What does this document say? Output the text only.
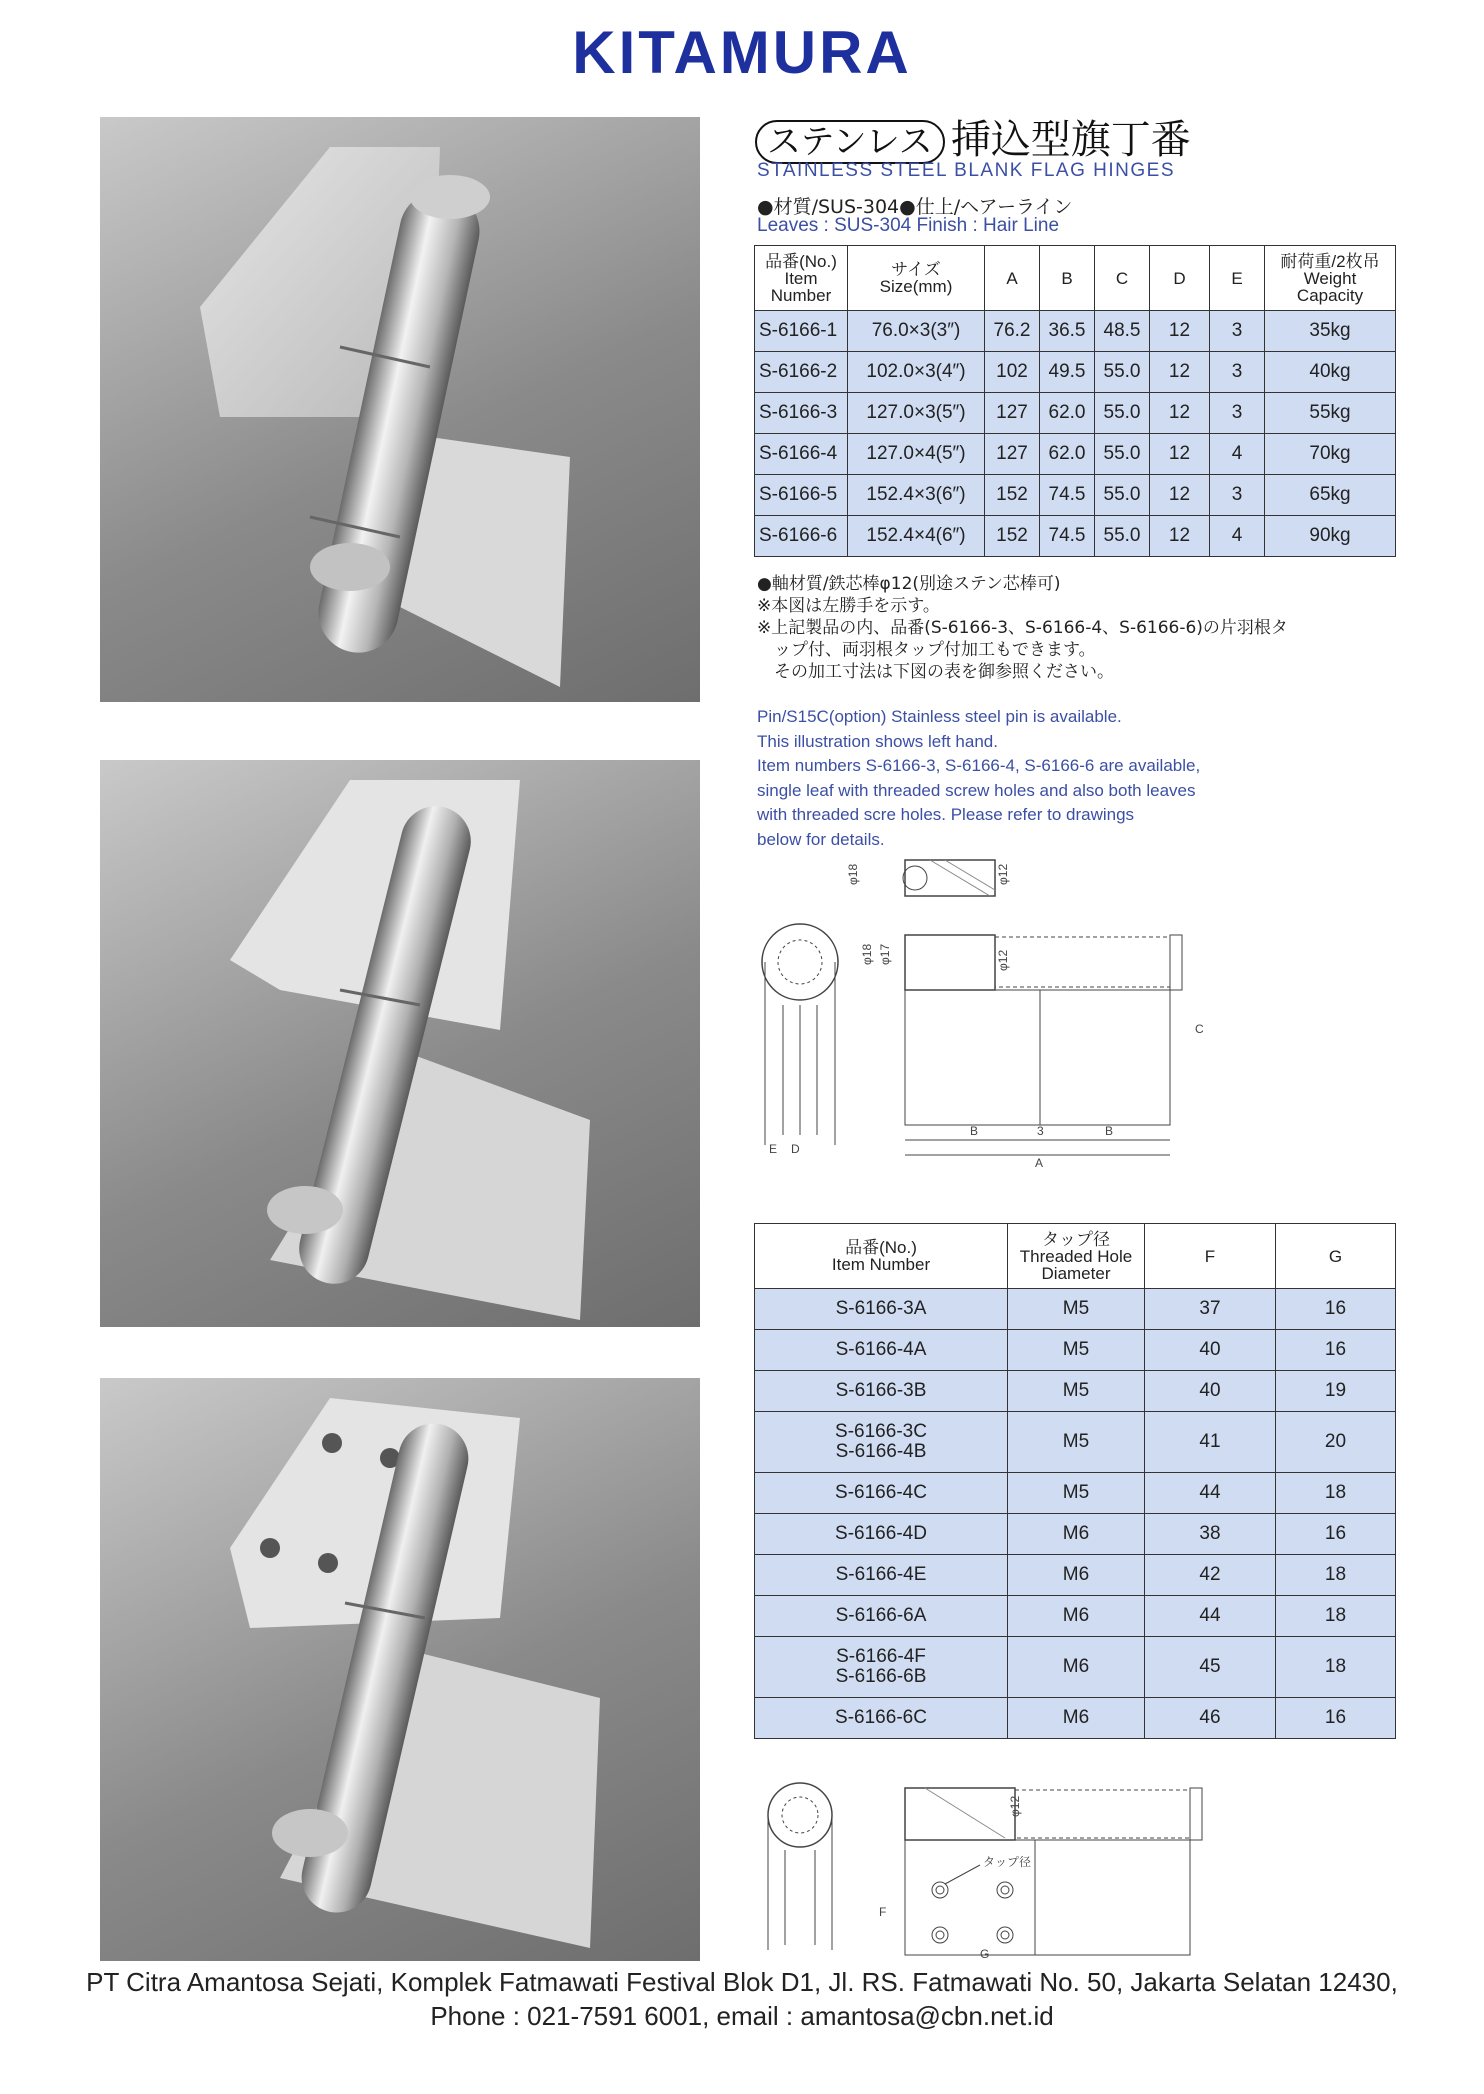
KITAMURA
ステンレス 挿込型旗丁番
STAINLESS STEEL BLANK FLAG HINGES
●材質/SUS-304●仕上/ヘアーライン
Leaves : SUS-304 Finish : Hair Line
品番(No.)
Item
Number	サイズ
Size(mm)	A	B	C	D	E	耐荷重/2枚吊
Weight
Capacity
S-6166-1	76.0×3(3″)	76.2	36.5	48.5	12	3	35kg
S-6166-2	102.0×3(4″)	102	49.5	55.0	12	3	40kg
S-6166-3	127.0×3(5″)	127	62.0	55.0	12	3	55kg
S-6166-4	127.0×4(5″)	127	62.0	55.0	12	4	70kg
S-6166-5	152.4×3(6″)	152	74.5	55.0	12	3	65kg
S-6166-6	152.4×4(6″)	152	74.5	55.0	12	4	90kg

●軸材質/鉄芯棒φ12(別途ステン芯棒可)

※本図は左勝手を示す。

※上記製品の内、品番(S-6166-3、S-6166-4、S-6166-6)の片羽根タ

　ップ付、両羽根タップ付加工もできます。

　その加工寸法は下図の表を御参照ください。

Pin/S15C(option) Stainless steel pin is available.

This illustration shows left hand.

Item numbers S-6166-3, S-6166-4, S-6166-6 are available,

single leaf with threaded screw holes and also both leaves

with threaded scre holes. Please refer to drawings

below for details.

φ18	φ12
φ18 φ17	φ12
C
B	B
3
A
E D
品番(No.)
Item Number	タップ径
Threaded Hole
Diameter	F	G

S-6166-3A	M5	37	16

S-6166-4A	M5	40	16

S-6166-3B	M5	40	19

S-6166-3C
S-6166-4B	M5	41	20

S-6166-4C	M5	44	18

S-6166-4D	M6	38	16

S-6166-4E	M6	42	18

S-6166-6A	M6	44	18

S-6166-4F
S-6166-6B	M6	45	18

S-6166-6C	M6	46	16
タップ径
φ12
F
G
PT Citra Amantosa Sejati, Komplek Fatmawati Festival Blok D1, Jl. RS. Fatmawati No. 50, Jakarta Selatan 12430,
Phone : 021-7591 6001, email : amantosa@cbn.net.id
